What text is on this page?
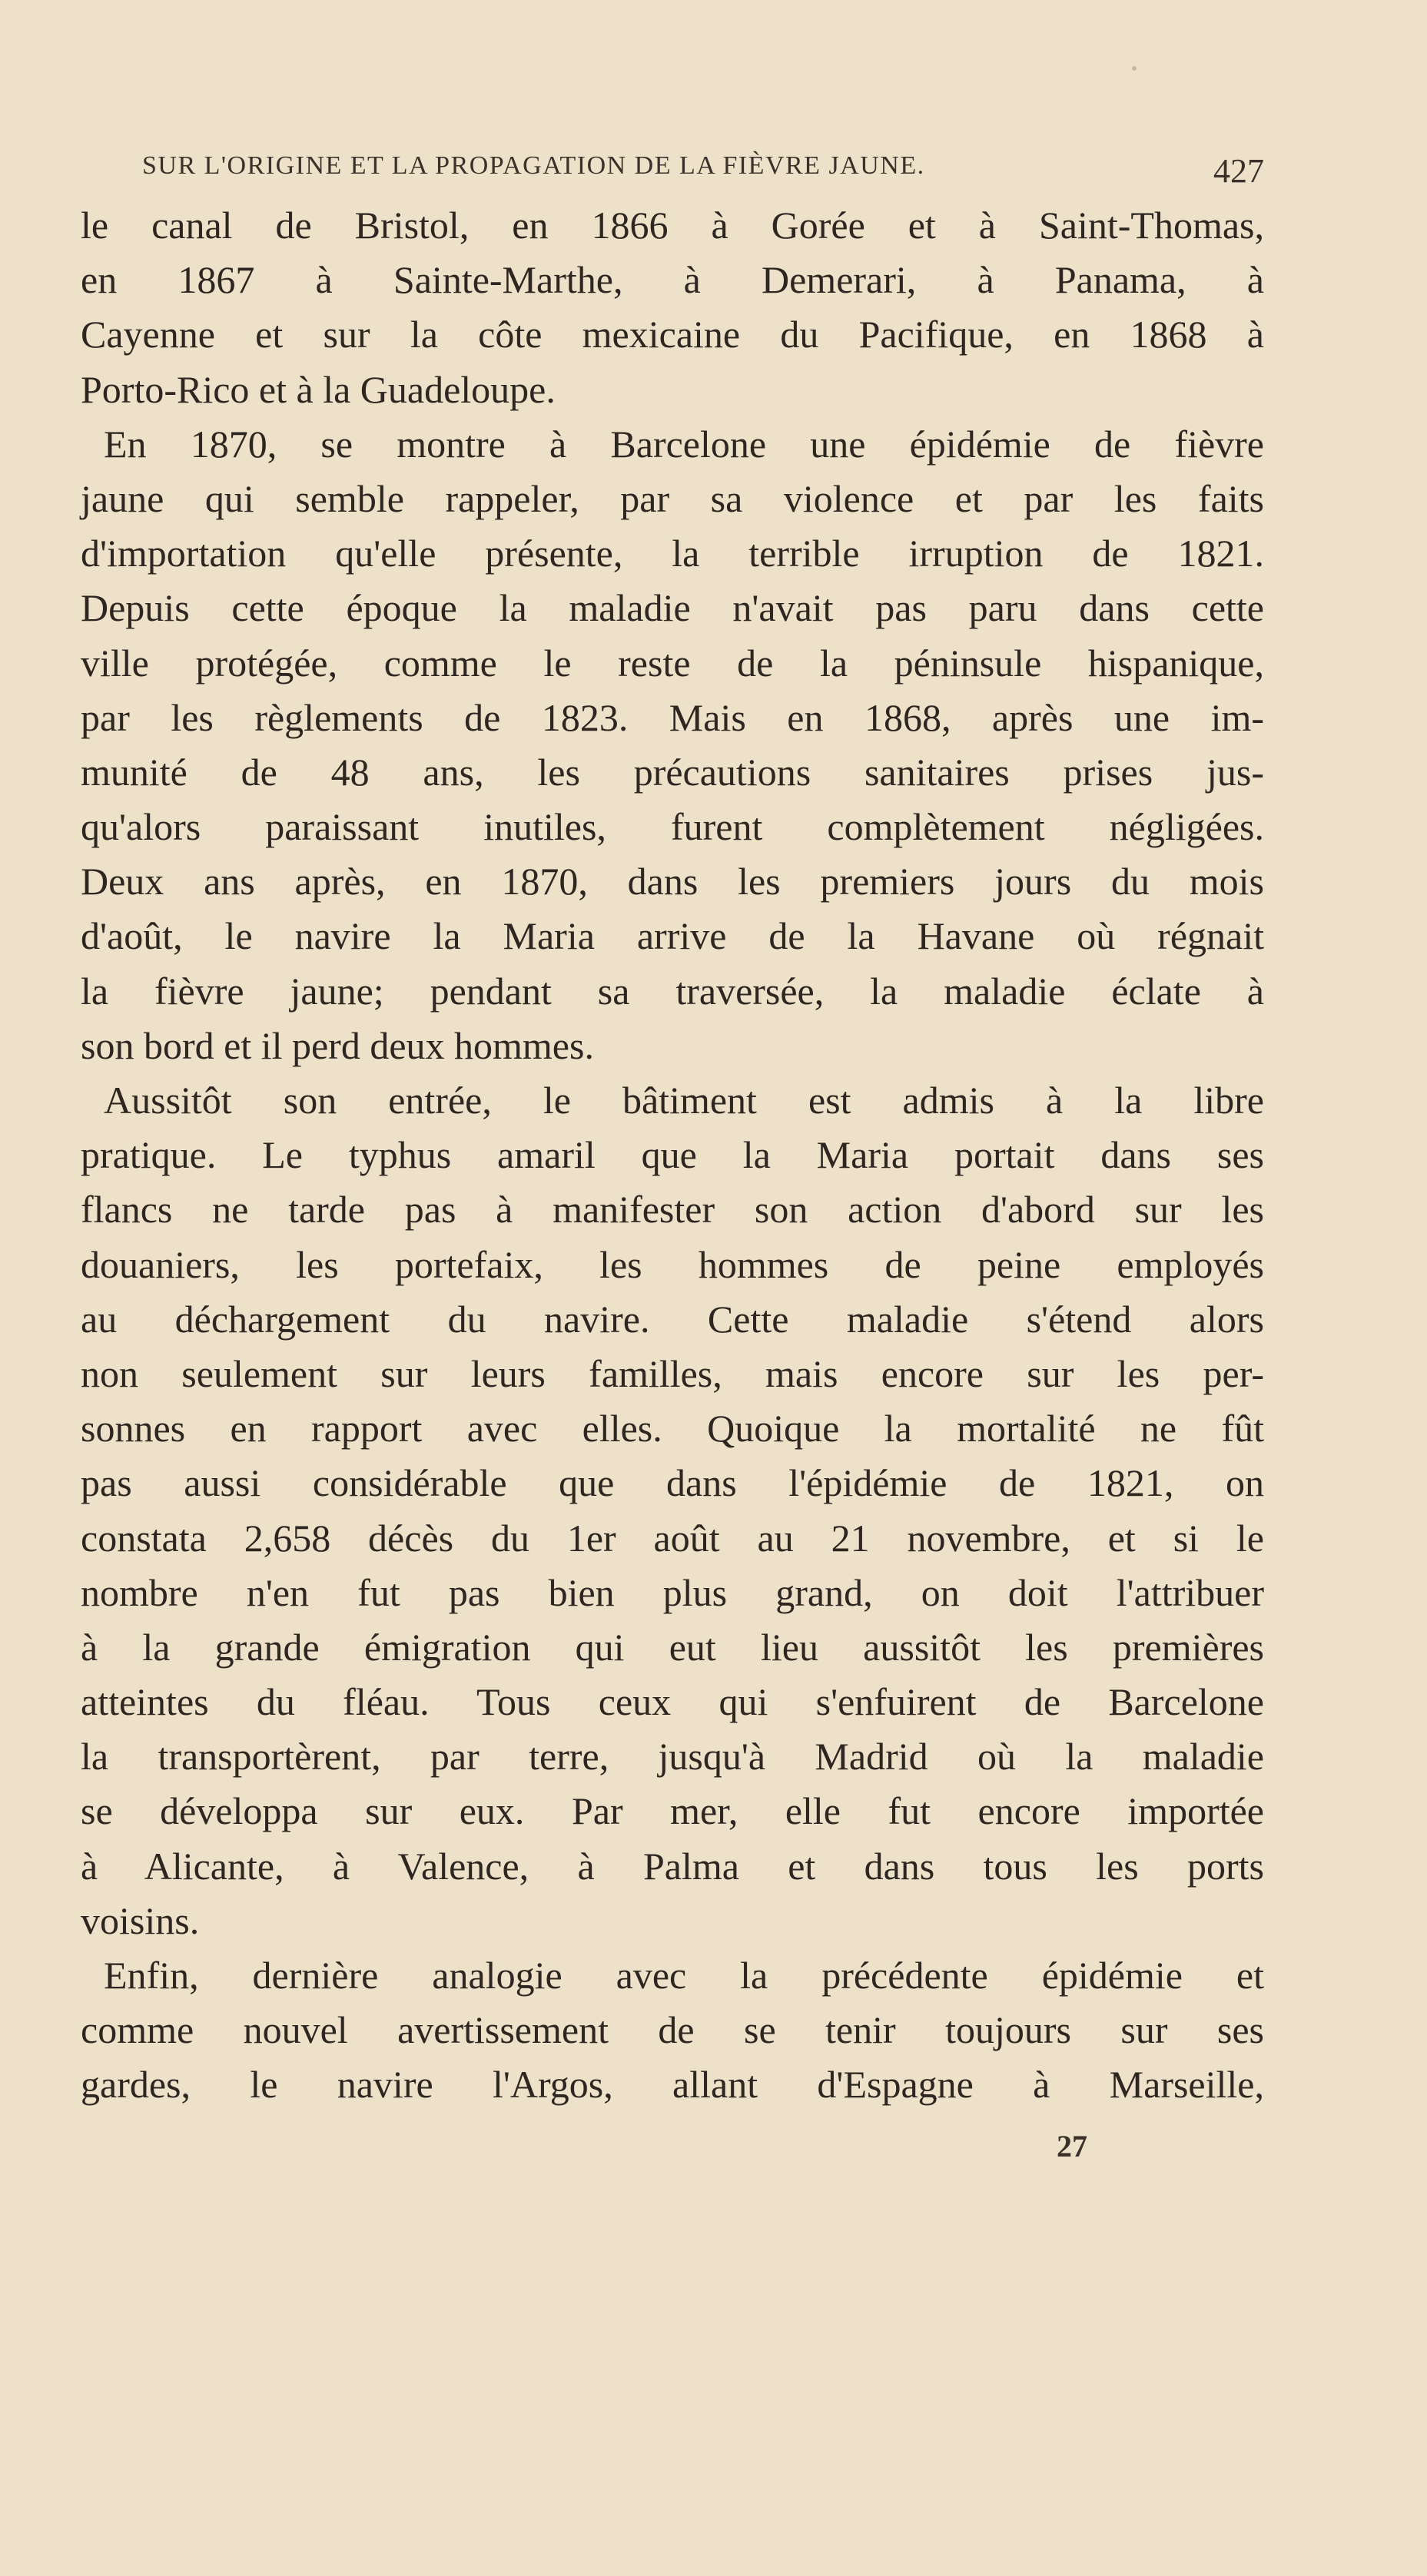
SUR L'ORIGINE ET LA PROPAGATION DE LA FIÈVRE JAUNE.	427
le canal de Bristol, en 1866 à Gorée et à Saint-Thomas,
en 1867 à Sainte-Marthe, à Demerari, à Panama, à
Cayenne et sur la côte mexicaine du Pacifique, en 1868 à
Porto-Rico et à la Guadeloupe.
En 1870, se montre à Barcelone une épidémie de fièvre
jaune qui semble rappeler, par sa violence et par les faits
d'importation qu'elle présente, la terrible irruption de 1821.
Depuis cette époque la maladie n'avait pas paru dans cette
ville protégée, comme le reste de la péninsule hispanique,
par les règlements de 1823. Mais en 1868, après une im-
munité de 48 ans, les précautions sanitaires prises jus-
qu'alors paraissant inutiles, furent complètement négligées.
Deux ans après, en 1870, dans les premiers jours du mois
d'août, le navire la Maria arrive de la Havane où régnait
la fièvre jaune; pendant sa traversée, la maladie éclate à
son bord et il perd deux hommes.
Aussitôt son entrée, le bâtiment est admis à la libre
pratique. Le typhus amaril que la Maria portait dans ses
flancs ne tarde pas à manifester son action d'abord sur les
douaniers, les portefaix, les hommes de peine employés
au déchargement du navire. Cette maladie s'étend alors
non seulement sur leurs familles, mais encore sur les per-
sonnes en rapport avec elles. Quoique la mortalité ne fût
pas aussi considérable que dans l'épidémie de 1821, on
constata 2,658 décès du 1er août au 21 novembre, et si le
nombre n'en fut pas bien plus grand, on doit l'attribuer
à la grande émigration qui eut lieu aussitôt les premières
atteintes du fléau. Tous ceux qui s'enfuirent de Barcelone
la transportèrent, par terre, jusqu'à Madrid où la maladie
se développa sur eux. Par mer, elle fut encore importée
à Alicante, à Valence, à Palma et dans tous les ports
voisins.
Enfin, dernière analogie avec la précédente épidémie et
comme nouvel avertissement de se tenir toujours sur ses
gardes, le navire l'Argos, allant d'Espagne à Marseille,
27
